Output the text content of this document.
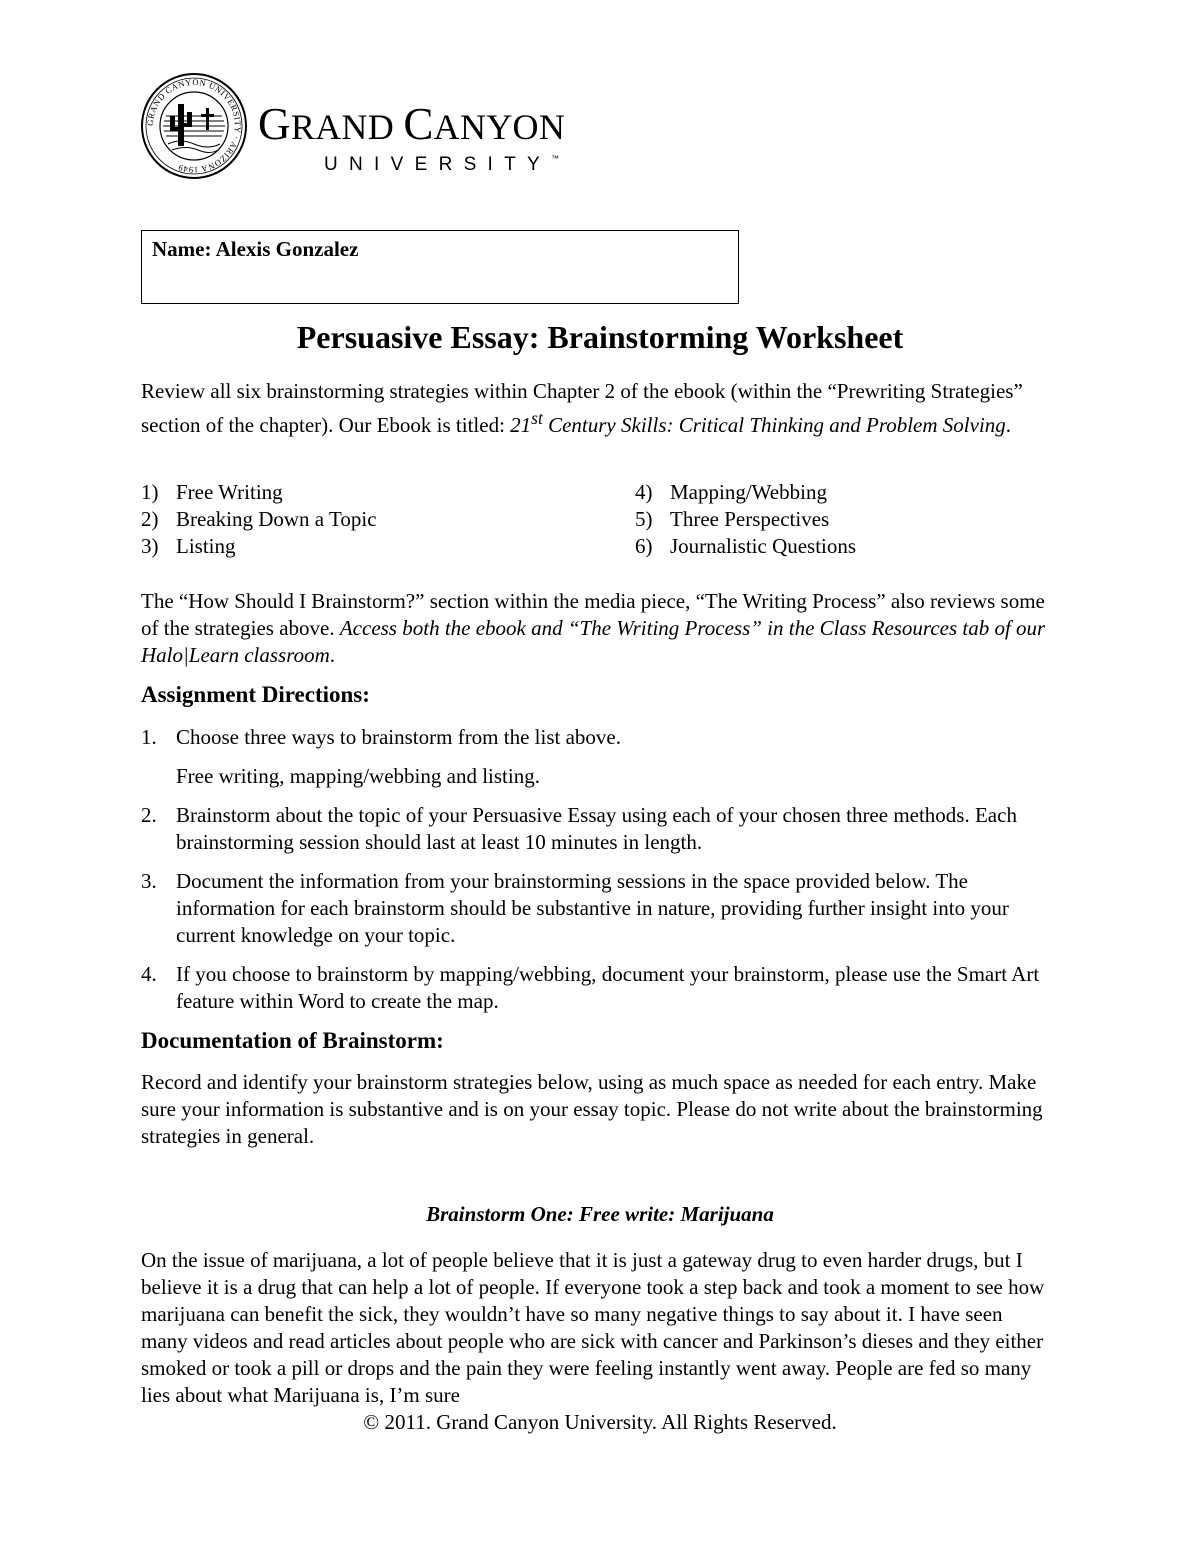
GRAND CANYON UNIVERSITY · ARIZONA 1949
GRAND CANYON
UNIVERSITY™
Name: Alexis Gonzalez
Persuasive Essay: Brainstorming Worksheet

Review all six brainstorming strategies within Chapter 2 of the ebook (within the “Prewriting Strategies” section of the chapter). Our Ebook is titled: 21st Century Skills: Critical Thinking and Problem Solving.

1) Free Writing
2) Breaking Down a Topic
3) Listing
4) Mapping/Webbing
5) Three Perspectives
6) Journalistic Questions

The “How Should I Brainstorm?” section within the media piece, “The Writing Process” also reviews some of the strategies above. Access both the ebook and “The Writing Process” in the Class Resources tab of our Halo|Learn classroom.

Assignment Directions:
1. Choose three ways to brainstorm from the list above.
Free writing, mapping/webbing and listing.
2. Brainstorm about the topic of your Persuasive Essay using each of your chosen three methods. Each brainstorming session should last at least 10 minutes in length.
3. Document the information from your brainstorming sessions in the space provided below. The information for each brainstorm should be substantive in nature, providing further insight into your current knowledge on your topic.
4. If you choose to brainstorm by mapping/webbing, document your brainstorm, please use the Smart Art feature within Word to create the map.
Documentation of Brainstorm:

Record and identify your brainstorm strategies below, using as much space as needed for each entry. Make sure your information is substantive and is on your essay topic. Please do not write about the brainstorming strategies in general.

Brainstorm One: Free write: Marijuana

On the issue of marijuana, a lot of people believe that it is just a gateway drug to even harder drugs, but I believe it is a drug that can help a lot of people. If everyone took a step back and took a moment to see how marijuana can benefit the sick, they wouldn’t have so many negative things to say about it. I have seen many videos and read articles about people who are sick with cancer and Parkinson’s dieses and they either smoked or took a pill or drops and the pain they were feeling instantly went away. People are fed so many lies about what Marijuana is, I’m sure

© 2011. Grand Canyon University. All Rights Reserved.
